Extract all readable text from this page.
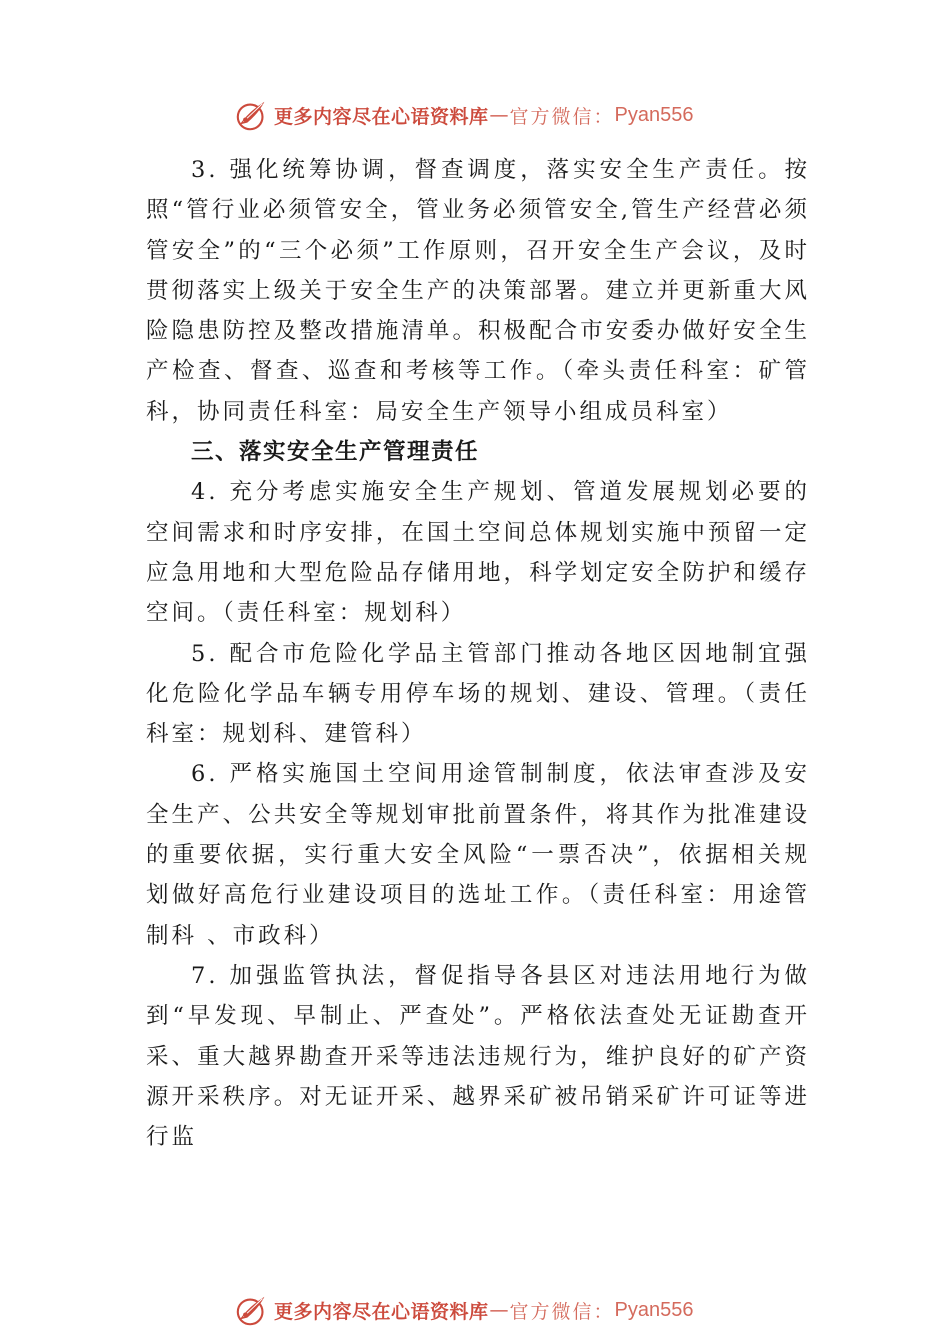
更多内容尽在心语资料库 — 官方微信： Pyan556

3. 强化统筹协调，督查调度，落实安全生产责任。按照“管行业必须管安全，管业务必须管安全,管生产经营必须管安全”的“三个必须”工作原则，召开安全生产会议，及时 贯彻落实上级关于安全生产的决策部署。建立并更新重大风险隐患防控及整改措施清单。积极配合市安委办做好安全生产检查、督查、巡查和考核等工作。（牵头责任科室：矿管科，协同责任科室：局安全生产领导小组成员科室）

三、落实安全生产管理责任

4. 充分考虑实施安全生产规划、管道发展规划必要的空间需求和时序安排，在国土空间总体规划实施中预留一定应急用地和大型危险品存储用地，科学划定安全防护和缓存空间。（责任科室：规划科）

5. 配合市危险化学品主管部门推动各地区因地制宜强化危险化学品车辆专用停车场的规划、建设、管理。（责任科室：规划科、建管科）

6. 严格实施国土空间用途管制制度，依法审查涉及安全生产、公共安全等规划审批前置条件，将其作为批准建设的重要依据，实行重大安全风险“一票否决”，依据相关规划做好高危行业建设项目的选址工作。（责任科室：用途管制科 、市政科）

7. 加强监管执法，督促指导各县区对违法用地行为做到“早发现、早制止、严查处”。严格依法查处无证勘查开采、重大越界勘查开采等违法违规行为，维护良好的矿产资源开采秩序。对无证开采、越界采矿被吊销采矿许可证等进行监

更多内容尽在心语资料库 — 官方微信： Pyan556
